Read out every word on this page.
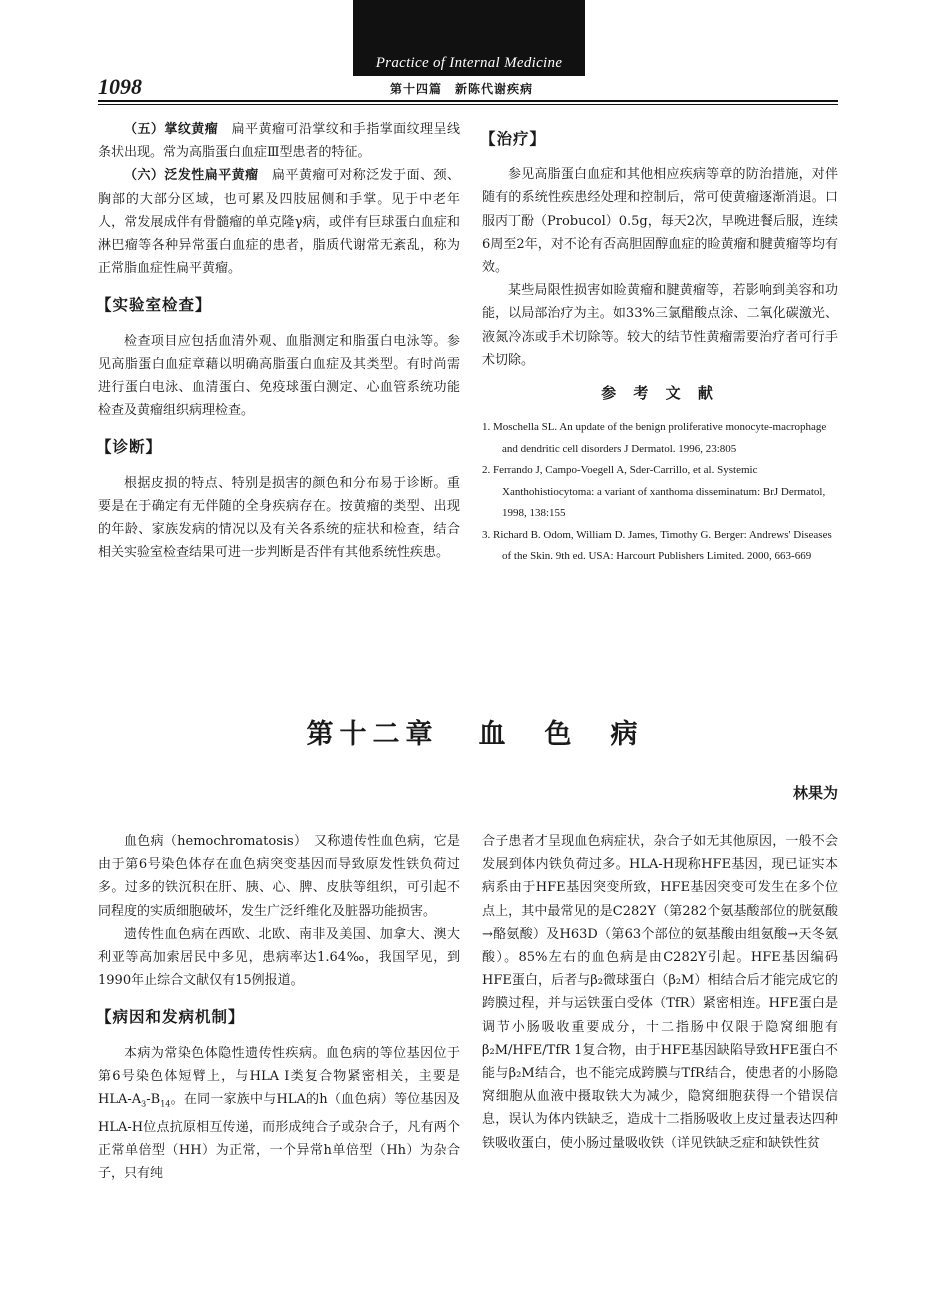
Practice of Internal Medicine
1098	第十四篇　新陈代谢疾病

（五）掌纹黄瘤　 扁平黄瘤可沿掌纹和手指掌面纹理呈线条状出现。常为高脂蛋白血症Ⅲ型患者的特征。

（六）泛发性扁平黄瘤　 扁平黄瘤可对称泛发于面、颈、胸部的大部分区域，也可累及四肢屈侧和手掌。见于中老年人，常发展成伴有骨髓瘤的单克隆γ病，或伴有巨球蛋白血症和淋巴瘤等各种异常蛋白血症的患者，脂质代谢常无紊乱，称为正常脂血症性扁平黄瘤。

【实验室检查】

检查项目应包括血清外观、血脂测定和脂蛋白电泳等。参见高脂蛋白血症章藉以明确高脂蛋白血症及其类型。有时尚需进行蛋白电泳、血清蛋白、免疫球蛋白测定、心血管系统功能检查及黄瘤组织病理检查。

【诊断】

根据皮损的特点、特别是损害的颜色和分布易于诊断。重要是在于确定有无伴随的全身疾病存在。按黄瘤的类型、出现的年龄、家族发病的情况以及有关各系统的症状和检查，结合相关实验室检查结果可进一步判断是否伴有其他系统性疾患。

【治疗】

参见高脂蛋白血症和其他相应疾病等章的防治措施，对伴随有的系统性疾患经处理和控制后，常可使黄瘤逐渐消退。口服丙丁酚（Probucol）0.5g，每天2次，早晚进餐后服，连续6周至2年，对不论有否高胆固醇血症的睑黄瘤和腱黄瘤等均有效。

某些局限性损害如睑黄瘤和腱黄瘤等，若影响到美容和功能，以局部治疗为主。如33%三氯醋酸点涂、二氧化碳激光、液氮冷冻或手术切除等。较大的结节性黄瘤需要治疗者可行手术切除。

参 考 文 献
1. Moschella SL. An update of the benign proliferative monocyte-macrophage and dendritic cell disorders J Dermatol. 1996, 23:805
2. Ferrando J, Campo-Voegell A, Sder-Carrillo, et al. Systemic Xanthohistiocytoma: a variant of xanthoma disseminatum: BrJ Dermatol, 1998, 138:155
3. Richard B. Odom, William D. James, Timothy G. Berger: Andrews' Diseases of the Skin. 9th ed. USA: Harcourt Publishers Limited. 2000, 663-669
第十二章 血　色　病
林果为

血色病（hemochromatosis）　又称遗传性血色病，它是由于第6号染色体存在血色病突变基因而导致原发性铁负荷过多。过多的铁沉积在肝、胰、心、脾、皮肤等组织，可引起不同程度的实质细胞破坏，发生广泛纤维化及脏器功能损害。

遗传性血色病在西欧、北欧、南非及美国、加拿大、澳大利亚等高加索居民中多见，患病率达1.64‰，我国罕见，到1990年止综合文献仅有15例报道。

【病因和发病机制】

本病为常染色体隐性遗传性疾病。血色病的等位基因位于第6号染色体短臂上，与HLA Ⅰ类复合物紧密相关，主要是HLA-$A_3-B_{14}$。在同一家族中与HLA的h（血色病）等位基因及HLA-H位点抗原相互传递，而形成纯合子或杂合子，凡有两个正常单倍型（HH）为正常，一个异常h单倍型（Hh）为杂合子，只有纯

合子患者才呈现血色病症状，杂合子如无其他原因，一般不会发展到体内铁负荷过多。HLA-H现称HFE基因，现已证实本病系由于HFE基因突变所致，HFE基因突变可发生在多个位点上，其中最常见的是C282Y（第282个氨基酸部位的胱氨酸→酪氨酸）及H63D（第63个部位的氨基酸由组氨酸→天冬氨酸）。85%左右的血色病是由C282Y引起。HFE基因编码HFE蛋白，后者与β₂微球蛋白（β₂M）相结合后才能完成它的跨膜过程，并与运铁蛋白受体（TfR）紧密相连。HFE蛋白是调节小肠吸收重要成分，十二指肠中仅限于隐窝细胞有β₂M/HFE/TfR 1复合物，由于HFE基因缺陷导致HFE蛋白不能与β₂M结合，也不能完成跨膜与TfR结合，使患者的小肠隐窝细胞从血液中摄取铁大为减少，隐窝细胞获得一个错误信息，误认为体内铁缺乏，造成十二指肠吸收上皮过量表达四种铁吸收蛋白，使小肠过量吸收铁（详见铁缺乏症和缺铁性贫
